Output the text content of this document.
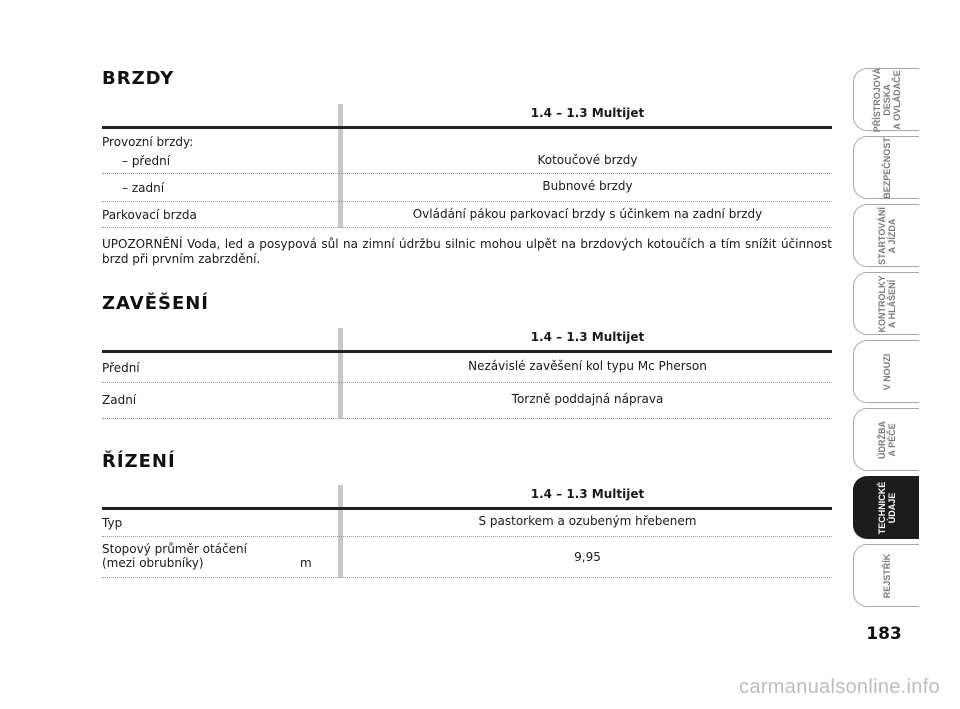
BRZDY
1.4 – 1.3 Multijet
Provozní brzdy:
– přední	Kotoučové brzdy
– zadní	Bubnové brzdy
Parkovací brzda	Ovládání pákou parkovací brzdy s účinkem na zadní brzdy

UPOZORNĚNÍ Voda, led a posypová sůl na zimní údržbu silnic mohou ulpět na brzdových kotoučích a tím snížit účinnost brzd při prvním zabrzdění.

ZAVĚŠENÍ
1.4 – 1.3 Multijet
Přední	Nezávislé zavěšení kol typu Mc Pherson
Zadní	Torzně poddajná náprava
ŘÍZENÍ
1.4 – 1.3 Multijet
Typ	S pastorkem a ozubeným hřebenem
Stopový průměr otáčení
(mezi obrubníky)	m	9,95
PŘÍSTROJOVÁ
DESKA
A OVLÁDAČE
BEZPEČNOST
STARTOVÁNÍ
A JÍZDA
KONTROLKY
A HLÁŠENÍ
V NOUZI
ÚDRŽBA
A PÉČE
TECHNICKÉ
ÚDAJE
REJSTŘÍK
183
carmanualsonline.info
